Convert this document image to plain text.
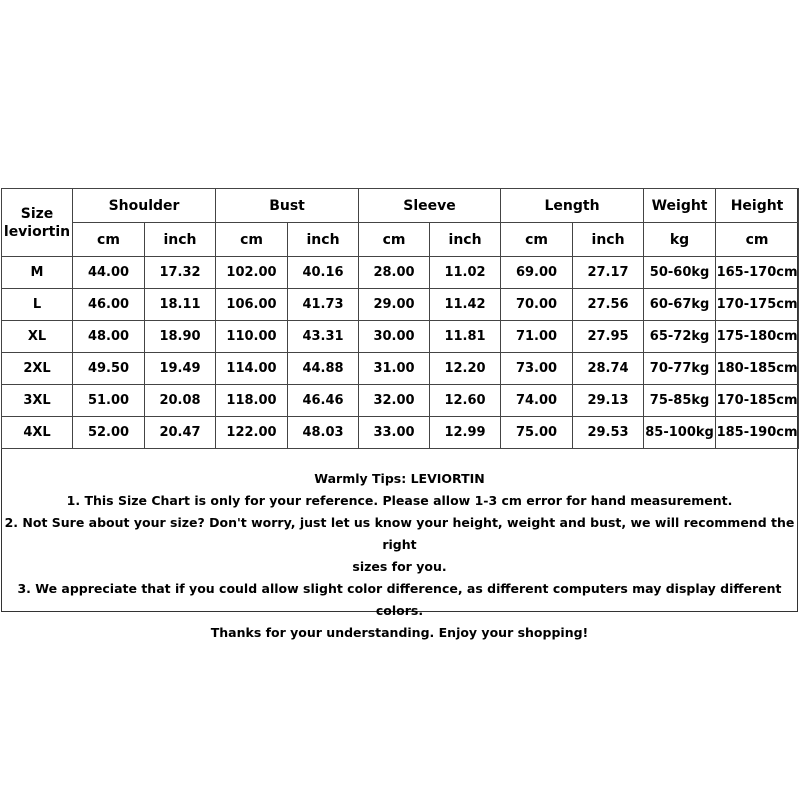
Size
leviortin	Shoulder		Bust		Sleeve		Length		Weight	Height
	cm	inch	cm	inch	cm	inch	cm	inch	kg	cm
M	44.00	17.32	102.00	40.16	28.00	11.02	69.00	27.17	50-60kg	165-170cm
L	46.00	18.11	106.00	41.73	29.00	11.42	70.00	27.56	60-67kg	170-175cm
XL	48.00	18.90	110.00	43.31	30.00	11.81	71.00	27.95	65-72kg	175-180cm
2XL	49.50	19.49	114.00	44.88	31.00	12.20	73.00	28.74	70-77kg	180-185cm
3XL	51.00	20.08	118.00	46.46	32.00	12.60	74.00	29.13	75-85kg	170-185cm
4XL	52.00	20.47	122.00	48.03	33.00	12.99	75.00	29.53	85-100kg	185-190cm

Warmly Tips: LEVIORTIN

1. This Size Chart is only for your reference. Please allow 1-3 cm error for hand measurement.

2. Not Sure about your size? Don't worry, just let us know your height, weight and bust, we will recommend the right

sizes for you.

3. We appreciate that if you could allow slight color difference, as different computers may display different colors.

Thanks for your understanding. Enjoy your shopping!
